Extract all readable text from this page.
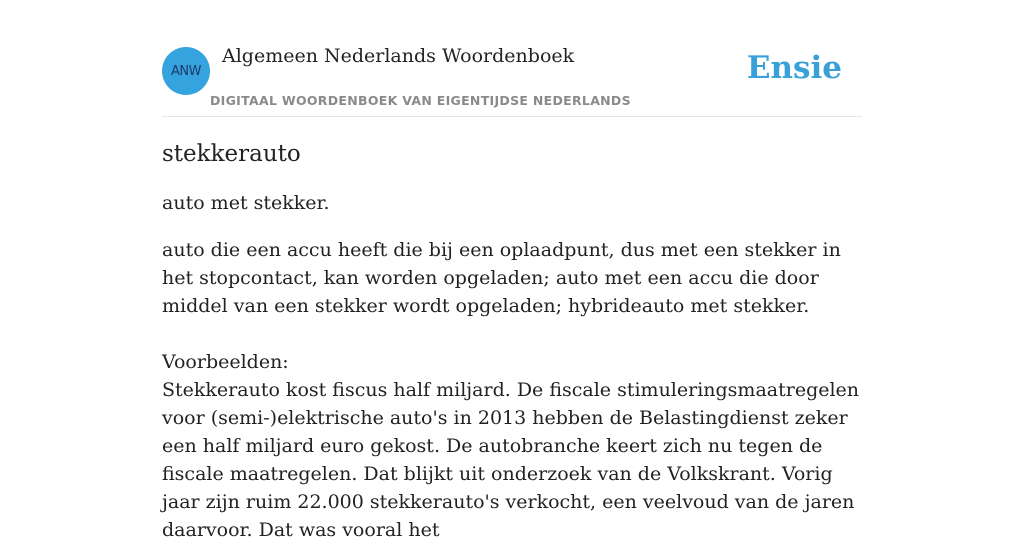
ANW
Algemeen Nederlands Woordenboek
DIGITAAL WOORDENBOEK VAN EIGENTIJDSE NEDERLANDS
Ensie
stekkerauto
auto met stekker.
auto die een accu heeft die bij een oplaadpunt, dus met een stekker in het stopcontact, kan worden opgeladen; auto met een accu die door middel van een stekker wordt opgeladen; hybrideauto met stekker.
Voorbeelden:
Stekkerauto kost fiscus half miljard. De fiscale stimuleringsmaatregelen voor (semi-)elektrische auto's in 2013 hebben de Belastingdienst zeker een half miljard euro gekost. De autobranche keert zich nu tegen de fiscale maatregelen. Dat blijkt uit onderzoek van de Volkskrant. Vorig jaar zijn ruim 22.000 stekkerauto's verkocht, een veelvoud van de jaren daarvoor. Dat was vooral het
